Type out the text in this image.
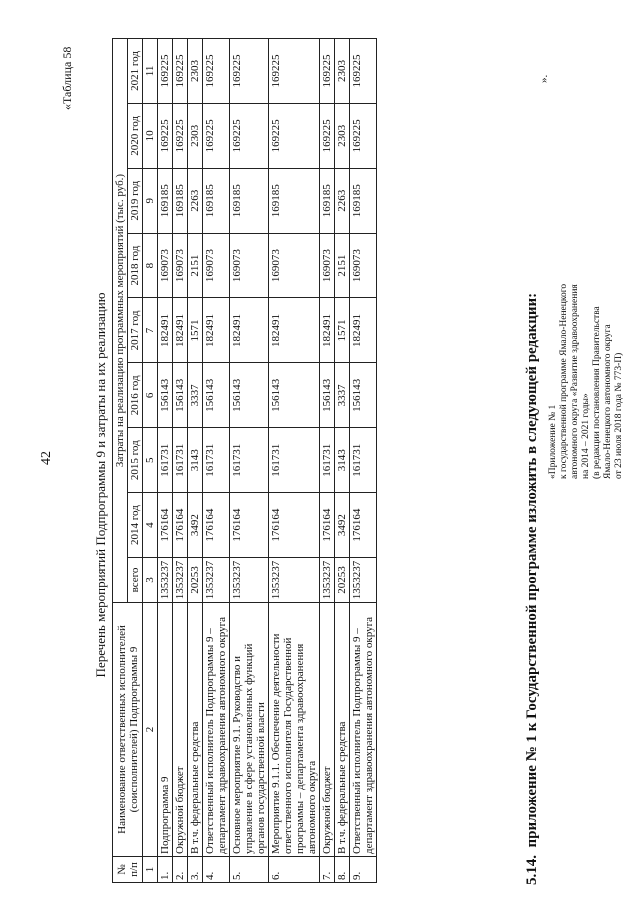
42
«Таблица 58
Перечень мероприятий Подпрограммы 9 и затраты на их реализацию
№ п/п	Наименование ответственных исполнителей (соисполнителей) Подпрограммы 9	Затраты на реализацию программных мероприятий (тыс. руб.)								
		всего	2014 год	2015 год	2016 год	2017 год	2018 год	2019 год	2020 год	2021 год
1	2	3	4	5	6	7	8	9	10	11
1.	Подпрограмма 9	1353237	176164	161731	156143	182491	169073	169185	169225	169225
2.	Окружной бюджет	1353237	176164	161731	156143	182491	169073	169185	169225	169225
3.	В т.ч. федеральные средства	20253	3492	3143	3337	1571	2151	2263	2303	2303
4.	Ответственный исполнитель Подпрограммы 9 – департамент здравоохранения автономного округа	1353237	176164	161731	156143	182491	169073	169185	169225	169225
5.	Основное мероприятие 9.1. Руководство и управление в сфере установленных функций органов государственной власти	1353237	176164	161731	156143	182491	169073	169185	169225	169225
6.	Мероприятие 9.1.1. Обеспечение деятельности ответственного исполнителя Государственной программы – департамента здравоохранения автономного округа	1353237	176164	161731	156143	182491	169073	169185	169225	169225
7.	Окружной бюджет	1353237	176164	161731	156143	182491	169073	169185	169225	169225
8.	В т.ч. федеральные средства	20253	3492	3143	3337	1571	2151	2263	2303	2303
9.	Ответственный исполнитель Подпрограммы 9 – департамент здравоохранения автономного округа	1353237	176164	161731	156143	182491	169073	169185	169225	169225	».
5.14.  приложение № 1 к Государственной программе изложить в следующей редакции: «Приложение № 1 к государственной программе Ямало-Ненецкого автономного округа «Развитие здравоохранения на 2014 – 2021 годы» (в редакции постановления Правительства Ямало-Ненецкого автономного округа от 23 июля 2018 года № 773-П)
